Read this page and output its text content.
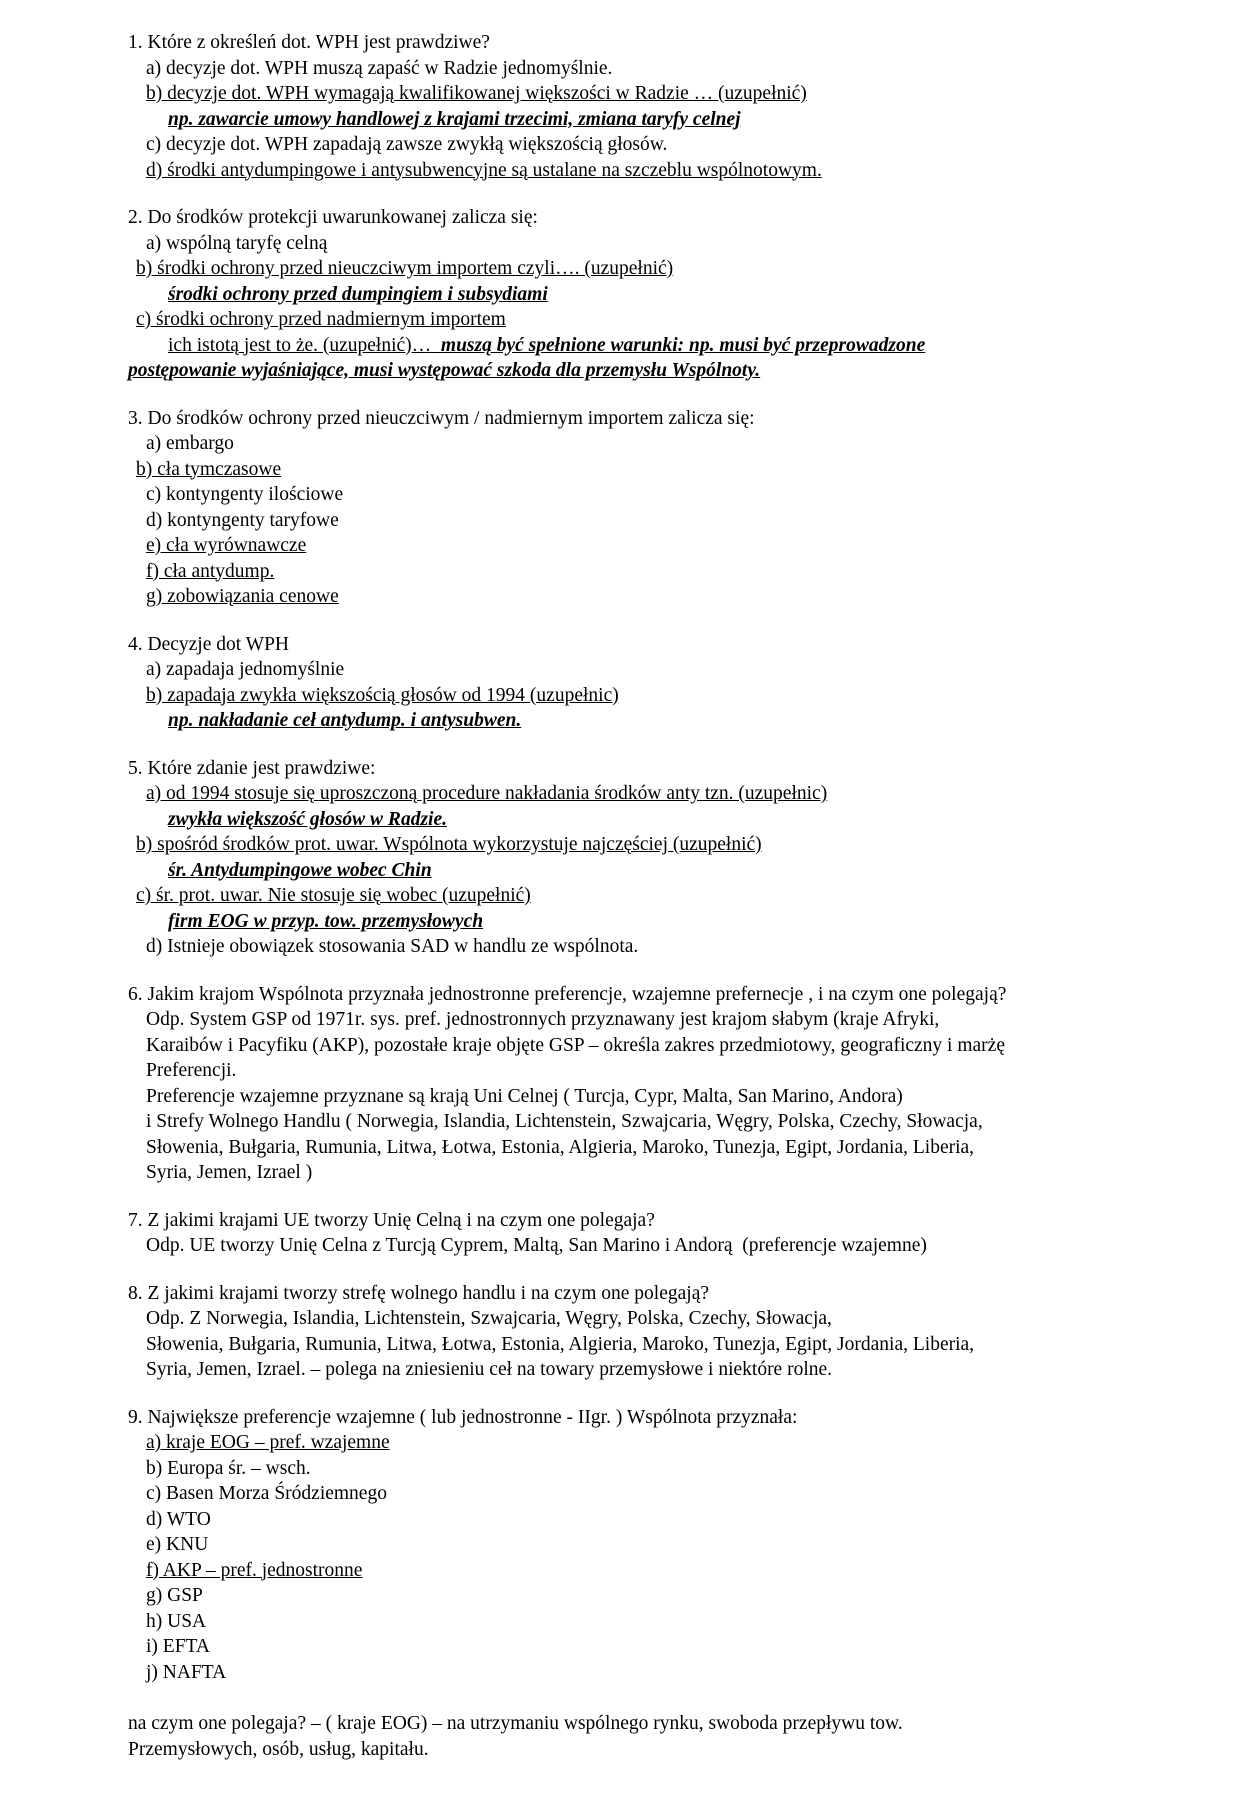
1. Które z określeń dot. WPH jest prawdziwe?
a) decyzje dot. WPH muszą zapaść w Radzie jednomyślnie.
b) decyzje dot. WPH wymagają kwalifikowanej większości w Radzie … (uzupełnić)
np. zawarcie umowy handlowej z krajami trzecimi, zmiana taryfy celnej
c) decyzje dot. WPH zapadają zawsze zwykłą większością głosów.
d) środki antydumpingowe i antysubwencyjne są ustalane na szczeblu wspólnotowym.
2. Do środków protekcji uwarunkowanej zalicza się:
a) wspólną taryfę celną
b) środki ochrony przed nieuczciwym importem czyli…. (uzupełnić)
środki ochrony przed dumpingiem i subsydiami
c) środki ochrony przed nadmiernym importem
ich istotą jest to że. (uzupełnić)…  muszą być spełnione warunki: np. musi być przeprowadzone
postępowanie wyjaśniające, musi występować szkoda dla przemysłu Wspólnoty.
3. Do środków ochrony przed nieuczciwym / nadmiernym importem zalicza się:
a) embargo
b) cła tymczasowe
c) kontyngenty ilościowe
d) kontyngenty taryfowe
e) cła wyrównawcze
f) cła antydump.
g) zobowiązania cenowe
4. Decyzje dot WPH
a) zapadaja jednomyślnie
b) zapadaja zwykła większością głosów od 1994 (uzupełnic)
np. nakładanie ceł antydump. i antysubwen.
5. Które zdanie jest prawdziwe:
a) od 1994 stosuje się uproszczoną procedure nakładania środków anty tzn. (uzupełnic)
zwykła większość głosów w Radzie.
b) spośród środków prot. uwar. Wspólnota wykorzystuje najczęściej (uzupełnić)
śr. Antydumpingowe wobec Chin
c) śr. prot. uwar. Nie stosuje się wobec (uzupełnić)
firm EOG w przyp. tow. przemysłowych
d) Istnieje obowiązek stosowania SAD w handlu ze wspólnota.
6. Jakim krajom Wspólnota przyznała jednostronne preferencje, wzajemne prefernecje , i na czym one polegają?
Odp. System GSP od 1971r. sys. pref. jednostronnych przyznawany jest krajom słabym (kraje Afryki,
Karaibów i Pacyfiku (AKP), pozostałe kraje objęte GSP – określa zakres przedmiotowy, geograficzny i marżę
Preferencji.
Preferencje wzajemne przyznane są krają Uni Celnej ( Turcja, Cypr, Malta, San Marino, Andora)
i Strefy Wolnego Handlu ( Norwegia, Islandia, Lichtenstein, Szwajcaria, Węgry, Polska, Czechy, Słowacja,
Słowenia, Bułgaria, Rumunia, Litwa, Łotwa, Estonia, Algieria, Maroko, Tunezja, Egipt, Jordania, Liberia,
Syria, Jemen, Izrael )
7. Z jakimi krajami UE tworzy Unię Celną i na czym one polegaja?
Odp. UE tworzy Unię Celna z Turcją Cyprem, Maltą, San Marino i Andorą  (preferencje wzajemne)
8. Z jakimi krajami tworzy strefę wolnego handlu i na czym one polegają?
Odp. Z Norwegia, Islandia, Lichtenstein, Szwajcaria, Węgry, Polska, Czechy, Słowacja,
Słowenia, Bułgaria, Rumunia, Litwa, Łotwa, Estonia, Algieria, Maroko, Tunezja, Egipt, Jordania, Liberia,
Syria, Jemen, Izrael. – polega na zniesieniu ceł na towary przemysłowe i niektóre rolne.
9. Największe preferencje wzajemne ( lub jednostronne - IIgr. ) Wspólnota przyznała:
a) kraje EOG – pref. wzajemne
b) Europa śr. – wsch.
c) Basen Morza Śródziemnego
d) WTO
e) KNU
f) AKP – pref. jednostronne
g) GSP
h) USA
i) EFTA
j) NAFTA
na czym one polegaja? – ( kraje EOG) – na utrzymaniu wspólnego rynku, swoboda przepływu tow.
Przemysłowych, osób, usług, kapitału.
